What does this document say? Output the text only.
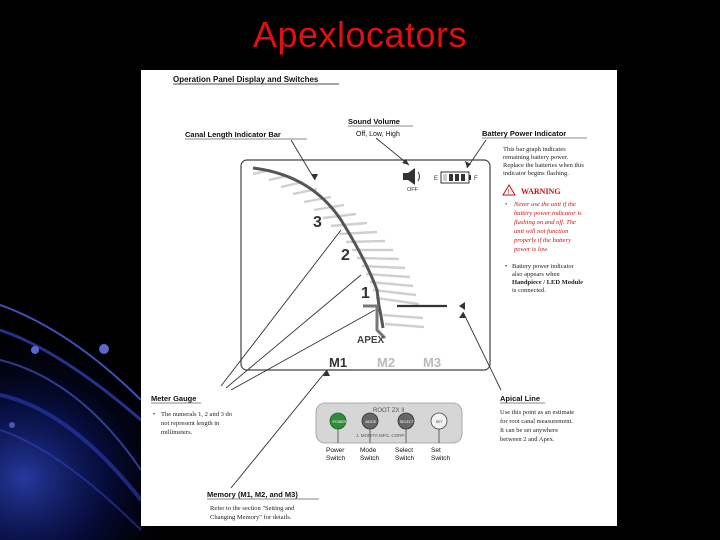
Apexlocators
Operation Panel Display and Switches
Canal Length Indicator Bar
Sound Volume
Off, Low, High	Battery Power Indicator
This bar graph indicates
remaining battery power.
Replace the batteries when this
indicator begins flashing.
! WARNING
• Never use the unit if the
battery power indicator is
flashing on and off. The
unit will not function
properly if the battery
power is low.
• Battery power indicator
also appears when
Handpiece / LED Module
is connected.
3
2
1
APEX
M1 M2 M3
OFF
E	F
Meter Gauge
• The numerals 1, 2 and 3 do
not represent length in
millimeters.
Apical Line
Use this point as an estimate
for root canal measurement.
It can be set anywhere
between 2 and Apex.
ROOT ZX II
J. MORITA MFG. CORP.
POWER	MODE	SELECT	SET
Power
Switch
Mode
Switch
Select
Switch
Set
Switch
Memory (M1, M2, and M3)
Refer to the section "Setting and
Changing Memory" for details.
